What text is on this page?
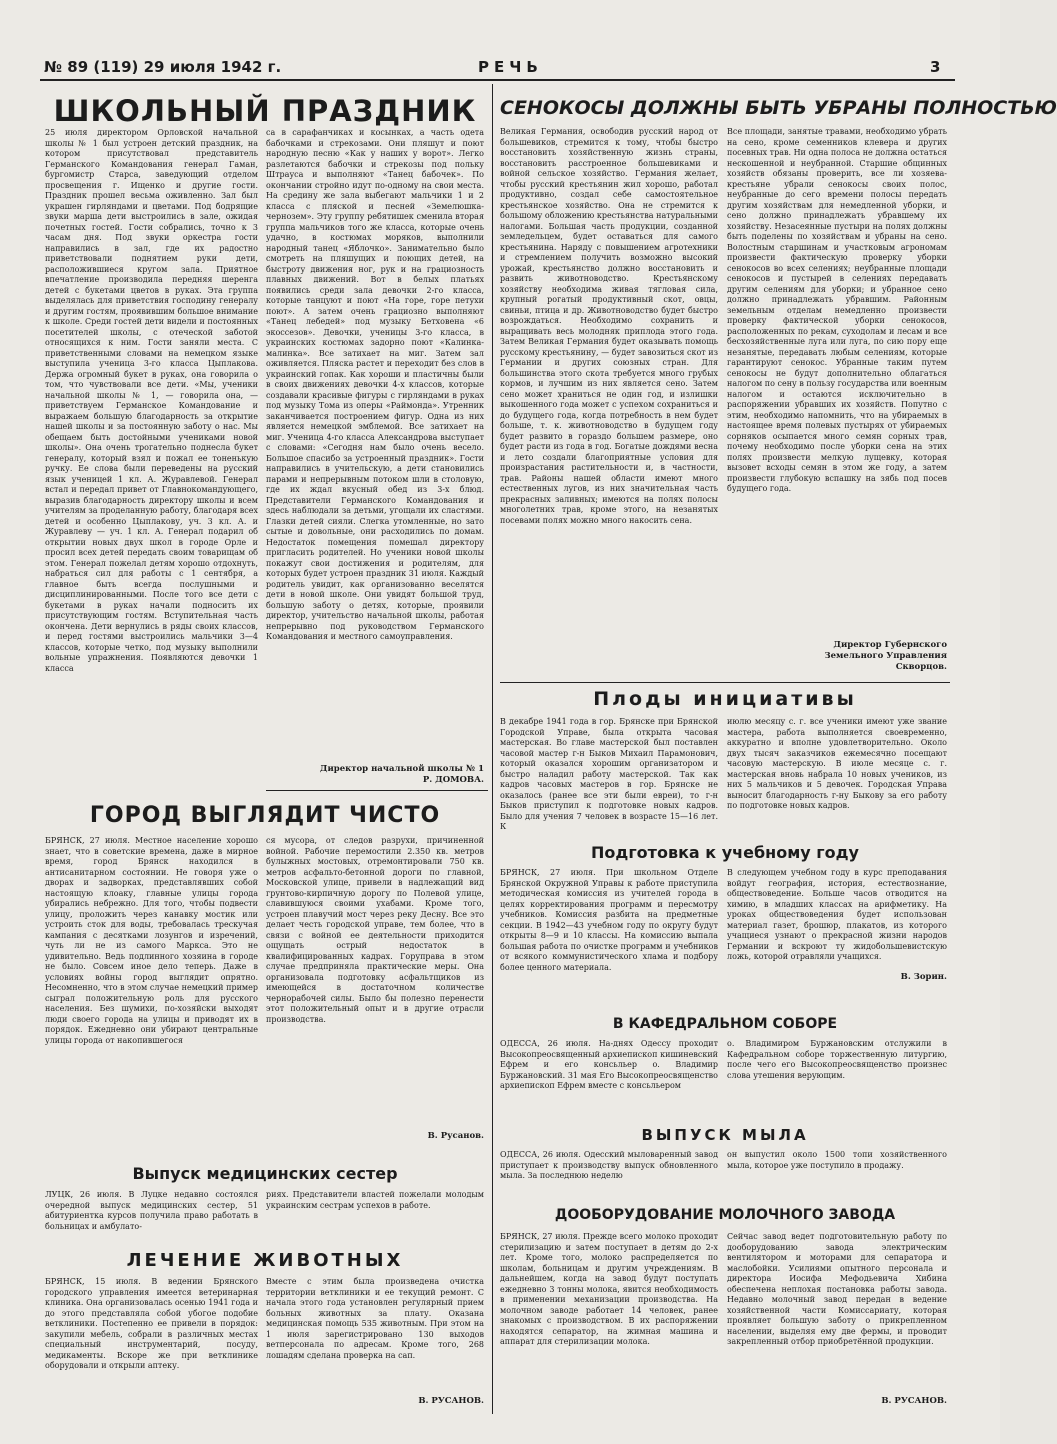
№ 89 (119) 29 июля 1942 г.	РЕЧЬ	3
ШКОЛЬНЫЙ ПРАЗДНИК
25 июля директором Орловской начальной школы № 1 был устроен детский праздник, на котором присутствовал представитель Германского Командования генерал Гаман, бургомистр Старса, заведующий отделом просвещения г. Ищенко и другие гости. Праздник прошел весьма оживленно. Зал был украшен гирляндами и цветами. Под бодрящие звуки марша дети выстроились в зале, ожидая почетных гостей. Гости собрались, точно к 3 часам дня. Под звуки оркестра гости направились в зал, где их радостно приветствовали поднятием руки дети, расположившиеся кругом зала. Приятное впечатление производила передняя шеренга детей с букетами цветов в руках. Эта группа выделялась для приветствия господину генералу и другим гостям, проявившим большое внимание к школе. Среди гостей дети видели и постоянных посетителей школы, с отеческой заботой относящихся к ним. Гости заняли места. С приветственными словами на немецком языке выступила ученица 3-го класса Цыплакова. Держа огромный букет в руках, она говорила о том, что чувствовали все дети. «Мы, ученики начальной школы № 1, — говорила она, — приветствуем Германское Командование и выражаем большую благодарность за открытие нашей школы и за постоянную заботу о нас. Мы обещаем быть достойными учениками новой школы». Она очень трогательно поднесла букет генералу, который взял и пожал ее тоненькую ручку. Ее слова были переведены на русский язык ученицей 1 кл. А. Журавлевой. Генерал встал и передал привет от Главнокомандующего, выразив благодарность директору школы и всем учителям за проделанную работу, благодаря всех детей и особенно Цыплакову, уч. 3 кл. А. и Журавлеву — уч. 1 кл. А. Генерал подарил об открытии новых двух школ в городе Орле и просил всех детей передать своим товарищам об этом. Генерал пожелал детям хорошо отдохнуть, набраться сил для работы с 1 сентября, а главное быть всегда послушными и дисциплинированными. После того все дети с букетами в руках начали подносить их присутствующим гостям. Вступительная часть окончена. Дети вернулись в ряды своих классов, и перед гостями выстроились мальчики 3—4 классов, которые четко, под музыку выполнили вольные упражнения. Появляются девочки 1 класса
са в сарафанчиках и косынках, а часть одета бабочками и стрекозами. Они пляшут и поют народную песню «Как у наших у ворот». Легко разлетаются бабочки и стрекозы под польку Штрауса и выполняют «Танец бабочек». По окончании стройно идут по-одному на свои места. На средину же зала выбегают мальчики 1 и 2 класса с пляской и песней «Земелюшка-чернозем». Эту группу ребятишек сменила вторая группа мальчиков того же класса, которые очень удачно, в костюмах моряков, выполнили народный танец «Яблочко». Занимательно было смотреть на пляшущих и поющих детей, на быстроту движения ног, рук и на грациозность плавных движений. Вот в белых платьях появились среди зала девочки 2-го класса, которые танцуют и поют «На горе, горе петухи поют». А затем очень грациозно выполняют «Танец лебедей» под музыку Бетховена «6 экоссезов». Девочки, ученицы 3-го класса, в украинских костюмах задорно поют «Калинка-малинка». Все затихает на миг. Затем зал оживляется. Пляска растет и переходит без слов в украинский гопак. Как хороши и пластичны были в своих движениях девочки 4-х классов, которые создавали красивые фигуры с гирляндами в руках под музыку Тома из оперы «Раймонда». Утренник заканчивается построением фигур. Одна из них является немецкой эмблемой. Все затихает на миг. Ученица 4-го класса Александрова выступает с словами: «Сегодня нам было очень весело. Большое спасибо за устроенный праздник». Гости направились в учительскую, а дети становились парами и непрерывным потоком шли в столовую, где их ждал вкусный обед из 3-х блюд. Представители Германского Командования и здесь наблюдали за детьми, угощали их сластями. Глазки детей сияли. Слегка утомленные, но зато сытые и довольные, они расходились по домам. Недостаток помещения помешал директору пригласить родителей. Но ученики новой школы покажут свои достижения и родителям, для которых будет устроен праздник 31 июля. Каждый родитель увидит, как организованно веселятся дети в новой школе. Они увидят большой труд, большую заботу о детях, которые, проявили директор, учительство начальной школы, работая непрерывно под руководством Германского Командования и местного самоуправления.
Директор начальной школы № 1
Р. ДОМОВА.
ГОРОД ВЫГЛЯДИТ ЧИСТО
БРЯНСК, 27 июля. Местное население хорошо знает, что в советские времена, даже в мирное время, город Брянск находился в антисанитарном состоянии. Не говоря уже о дворах и задворках, представлявших собой настоящую клоаку, главные улицы города убирались небрежно. Для того, чтобы подвести улицу, проложить через канавку мостик или устроить сток для воды, требовалась трескучая кампания с десятками лозунгов и изречений, чуть ли не из самого Маркса. Это не удивительно. Ведь подлинного хозяина в городе не было. Совсем иное дело теперь. Даже в условиях войны город выглядит опрятно. Несомненно, что в этом случае немецкий пример сыграл положительную роль для русского населения. Без шумихи, по-хозяйски выходят люди своего города на улицы и приводят их в порядок. Ежедневно они убирают центральные улицы города от накопившегося
ся мусора, от следов разрухи, причиненной войной. Рабочие перемостили 2.350 кв. метров булыжных мостовых, отремонтировали 750 кв. метров асфальто-бетонной дороги по главной, Московской улице, привели в надлежащий вид грунтово-кирпичную дорогу по Полевой улице, славившуюся своими ухабами. Кроме того, устроен плавучий мост через реку Десну. Все это делает честь городской управе, тем более, что в связи с войной ее деятельности приходится ощущать острый недостаток в квалифицированных кадрах. Горуправа в этом случае предприняла практические меры. Она организовала подготовку асфальтщиков из имеющейся в достаточном количестве чернорабочей силы. Было бы полезно перенести этот положительный опыт и в другие отрасли производства.
В. Русанов.
Выпуск медицинских сестер
ЛУЦК, 26 июля. В Луцке недавно состоялся очередной выпуск медицинских сестер, 51 абитуриентка курсов получила право работать в больницах и амбулато-
риях. Представители властей пожелали молодым украинским сестрам успехов в работе.
ЛЕЧЕНИЕ ЖИВОТНЫХ
БРЯНСК, 15 июля. В ведении Брянского городского управления имеется ветеринарная клиника. Она организовалась осенью 1941 года и до этого представляла собой убогое подобие ветклиники. Постепенно ее привели в порядок: закупили мебель, собрали в различных местах специальный инструментарий, посуду, медикаменты. Вскоре же при ветклинике оборудовали и открыли аптеку.
Вместе с этим была произведена очистка территории ветклиники и ее текущий ремонт. С начала этого года установлен регулярный прием больных животных за плату. Оказана медицинская помощь 535 животным. При этом на 1 июля зарегистрировано 130 выходов ветперсонала по адресам. Кроме того, 268 лошадям сделана проверка на сап.
В. РУСАНОВ.
СЕНОКОСЫ ДОЛЖНЫ БЫТЬ УБРАНЫ ПОЛНОСТЬЮ
Великая Германия, освободив русский народ от большевиков, стремится к тому, чтобы быстро восстановить хозяйственную жизнь страны, восстановить расстроенное большевиками и войной сельское хозяйство. Германия желает, чтобы русский крестьянин жил хорошо, работал продуктивно, создал себе самостоятельное крестьянское хозяйство. Она не стремится к большому обложению крестьянства натуральными налогами. Большая часть продукции, созданной земледельцем, будет оставаться для самого крестьянина. Наряду с повышением агротехники и стремлением получить возможно высокий урожай, крестьянство должно восстановить и развить животноводство. Крестьянскому хозяйству необходима живая тягловая сила, крупный рогатый продуктивный скот, овцы, свиньи, птица и др. Животноводство будет быстро возрождаться. Необходимо сохранить и выращивать весь молодняк приплода этого года. Затем Великая Германия будет оказывать помощь русскому крестьянину, — будет завозиться скот из Германии и других союзных стран. Для большинства этого скота требуется много грубых кормов, и лучшим из них является сено. Затем сено может храниться не один год, и излишки выкошенного года может с успехом сохраниться и до будущего года, когда потребность в нем будет больше, т. к. животноводство в будущем году будет развито в гораздо большем размере, оно будет расти из года в год. Богатые дождями весна и лето создали благоприятные условия для произрастания растительности и, в частности, трав. Районы нашей области имеют много естественных лугов, из них значительная часть прекрасных заливных; имеются на полях полосы многолетних трав, кроме этого, на незанятых посевами полях можно много накосить сена.
Все площади, занятые травами, необходимо убрать на сено, кроме семенников клевера и других посевных трав. Ни одна полоса не должна остаться нескошенной и неубранной. Старшие общинных хозяйств обязаны проверить, все ли хозяева-крестьяне убрали сенокосы своих полос, неубранные до сего времени полосы передать другим хозяйствам для немедленной уборки, и сено должно принадлежать убравшему их хозяйству. Незасеянные пустыри на полях должны быть поделены по хозяйствам и убраны на сено. Волостным старшинам и участковым агрономам произвести фактическую проверку уборки сенокосов во всех селениях; неубранные площади сенокосов и пустырей в селениях передавать другим селениям для уборки; и убранное сено должно принадлежать убравшим. Районным земельным отделам немедленно произвести проверку фактической уборки сенокосов, расположенных по рекам, суходолам и лесам и все бесхозяйственные луга или луга, по сию пору еще незанятые, передавать любым селениям, которые гарантируют сенокос. Убранные таким путем сенокосы не будут дополнительно облагаться налогом по сену в пользу государства или военным налогом и остаются исключительно в распоряжении убравших их хозяйств. Попутно с этим, необходимо напомнить, что на убираемых в настоящее время полевых пустырях от убираемых сорняков осыпается много семян сорных трав, почему необходимо после уборки сена на этих полях произвести мелкую лущевку, которая вызовет всходы семян в этом же году, а затем произвести глубокую вспашку на зябь под посев будущего года.
Директор Губернского
Земельного Управления
Скворцов.
Плоды инициативы
В декабре 1941 года в гор. Брянске при Брянской Городской Управе, была открыта часовая мастерская. Во главе мастерской был поставлен часовой мастер г-н Быков Михаил Парамонович, который оказался хорошим организатором и быстро наладил работу мастерской. Так как кадров часовых мастеров в гор. Брянске не оказалось (ранее все эти были евреи), то г-н Быков приступил к подготовке новых кадров. Было для учения 7 человек в возрасте 15—16 лет. К
июлю месяцу с. г. все ученики имеют уже звание мастера, работа выполняется своевременно, аккуратно и вполне удовлетворительно. Около двух тысяч заказчиков ежемесячно посещают часовую мастерскую. В июле месяце с. г. мастерская вновь набрала 10 новых учеников, из них 5 мальчиков и 5 девочек. Городская Управа выносит благодарность г-ну Быкову за его работу по подготовке новых кадров.
Подготовка к учебному году
БРЯНСК, 27 июля. При школьном Отделе Брянской Окружной Управы к работе приступила методическая комиссия из учителей города в целях корректирования программ и пересмотру учебников. Комиссия разбита на предметные секции. В 1942—43 учебном году по округу будут открыты 8—9 и 10 классы. На комиссию выпала большая работа по очистке программ и учебников от всякого коммунистического хлама и подбору более ценного материала.
В следующем учебном году в курс преподавания войдут география, история, естествознание, обществоведение. Больше часов отводится на химию, в младших классах на арифметику. На уроках обществоведения будет использован материал газет, брошюр, плакатов, из которого учащиеся узнают о прекрасной жизни народов Германии и вскроют ту жидобольшевистскую ложь, которой отравляли учащихся.
В. Зорин.
В КАФЕДРАЛЬНОМ СОБОРЕ
ОДЕССА, 26 июля. На-днях Одессу проходит Высокопреосвященный архиепископ кишиневский Ефрем и его консьльер о. Владимир Буржановский. 31 мая Его Высокопреосвященство архиепископ Ефрем вместе с консьльером
о. Владимиром Буржановским отслужили в Кафедральном соборе торжественную литургию, после чего его Высокопреосвященство произнес слова утешения верующим.
ВЫПУСК МЫЛА
ОДЕССА, 26 июля. Одесский мыловаренный завод приступает к производству выпуск обновленного мыла. За последнюю неделю
он выпустил около 1500 топи хозяйственного мыла, которое уже поступило в продажу.
ДООБОРУДОВАНИЕ МОЛОЧНОГО ЗАВОДА
БРЯНСК, 27 июля. Прежде всего молоко проходит стерилизацию и затем поступает в детям до 2-х лет. Кроме того, молоко распределяется по школам, больницам и другим учреждениям. В дальнейшем, когда на завод будут поступать ежедневно 3 тонны молока, явится необходимость в применении механизации производства. На молочном заводе работает 14 человек, ранее знакомых с производством. В их распоряжении находятся сепаратор, на жимная машина и аппарат для стерилизации молока.
Сейчас завод ведет подготовительную работу по дооборудованию завода электрическим вентилятором и моторами для сепаратора и маслобойки. Усилиями опытного персонала и директора Иосифа Мефодьевича Хибина обеспечена неплохая постановка работы завода. Недавно молочный завод передан в ведение хозяйственной части Комиссариату, которая проявляет большую заботу о прикрепленном населении, выделяя ему две фермы, и проводит закрепленный отбор приобретённой продукции.
В. РУСАНОВ.
